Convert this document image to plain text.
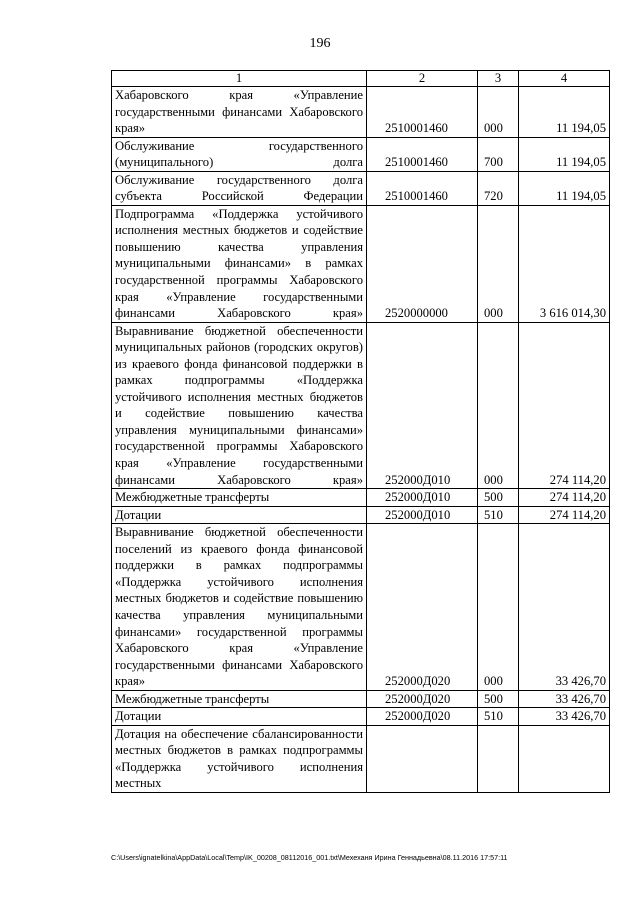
196
1	2	3	4
Хабаровского края «Управление государственными финансами Хабаровского края»	2510001460	000	11 194,05
Обслуживание государственного (муниципального) долга	2510001460	700	11 194,05
Обслуживание государственного долга субъекта Российской Федерации	2510001460	720	11 194,05
Подпрограмма «Поддержка устойчивого исполнения местных бюджетов и содействие повышению качества управления муниципальными финансами» в рамках государственной программы Хабаровского края «Управление государственными финансами Хабаровского края»	2520000000	000	3 616 014,30
Выравнивание бюджетной обеспеченности муниципальных районов (городских округов) из краевого фонда финансовой поддержки в рамках подпрограммы «Поддержка устойчивого исполнения местных бюджетов и содействие повышению качества управления муниципальными финансами» государственной программы Хабаровского края «Управление государственными финансами Хабаровского края»	252000Д010	000	274 114,20
Межбюджетные трансферты	252000Д010	500	274 114,20
Дотации	252000Д010	510	274 114,20
Выравнивание бюджетной обеспеченности поселений из краевого фонда финансовой поддержки в рамках подпрограммы «Поддержка устойчивого исполнения местных бюджетов и содействие повышению качества управления муниципальными финансами» государственной программы Хабаровского края «Управление государственными финансами Хабаровского края»	252000Д020	000	33 426,70
Межбюджетные трансферты	252000Д020	500	33 426,70
Дотации	252000Д020	510	33 426,70
Дотация на обеспечение сбалансированности местных бюджетов в рамках подпрограммы «Поддержка устойчивого исполнения местных			
C:\Users\ignatelkina\AppData\Local\Temp\IK_00208_08112016_001.txt\Мехеханя Ирина Геннадьевна\08.11.2016 17:57:11
